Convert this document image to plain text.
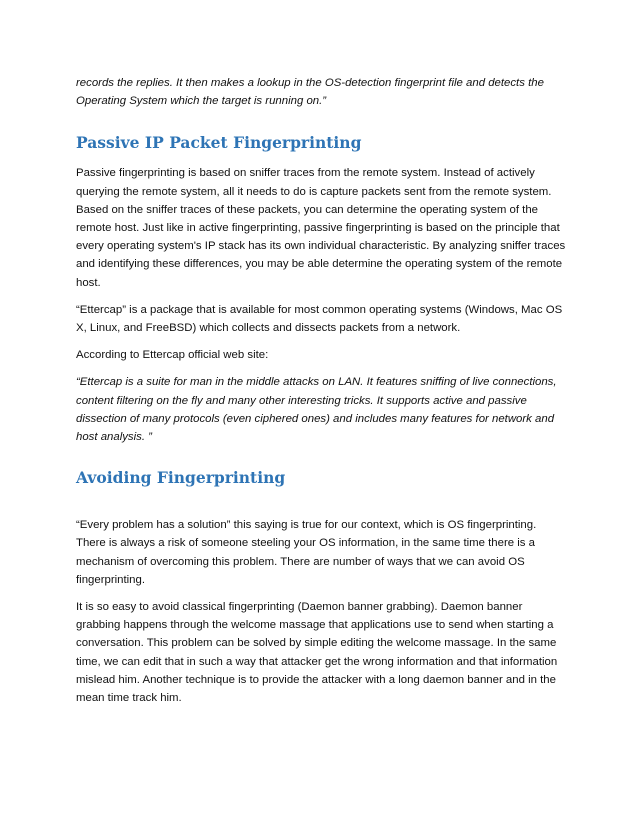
records the replies. It then makes a lookup in the OS-detection fingerprint file and detects the Operating System which the target is running on.”

Passive IP Packet Fingerprinting

Passive fingerprinting is based on sniffer traces from the remote system. Instead of actively querying the remote system, all it needs to do is capture packets sent from the remote system. Based on the sniffer traces of these packets, you can determine the operating system of the remote host. Just like in active fingerprinting, passive fingerprinting is based on the principle that every operating system's IP stack has its own individual characteristic. By analyzing sniffer traces and identifying these differences, you may be able determine the operating system of the remote host.

“Ettercap” is a package that is available for most common operating systems (Windows, Mac OS X, Linux, and FreeBSD) which collects and dissects packets from a network.

According to Ettercap official web site:

“Ettercap is a suite for man in the middle attacks on LAN. It features sniffing of live connections, content filtering on the fly and many other interesting tricks. It supports active and passive dissection of many protocols (even ciphered ones) and includes many features for network and host analysis. ”

Avoiding Fingerprinting

“Every problem has a solution” this saying is true for our context, which is OS fingerprinting. There is always a risk of someone steeling your OS information, in the same time there is a mechanism of overcoming this problem. There are number of ways that we can avoid OS fingerprinting.

It is so easy to avoid classical fingerprinting (Daemon banner grabbing). Daemon banner grabbing happens through the welcome massage that applications use to send when starting a conversation. This problem can be solved by simple editing the welcome massage. In the same time, we can edit that in such a way that attacker get the wrong information and that information mislead him. Another technique is to provide the attacker with a long daemon banner and in the mean time track him.
